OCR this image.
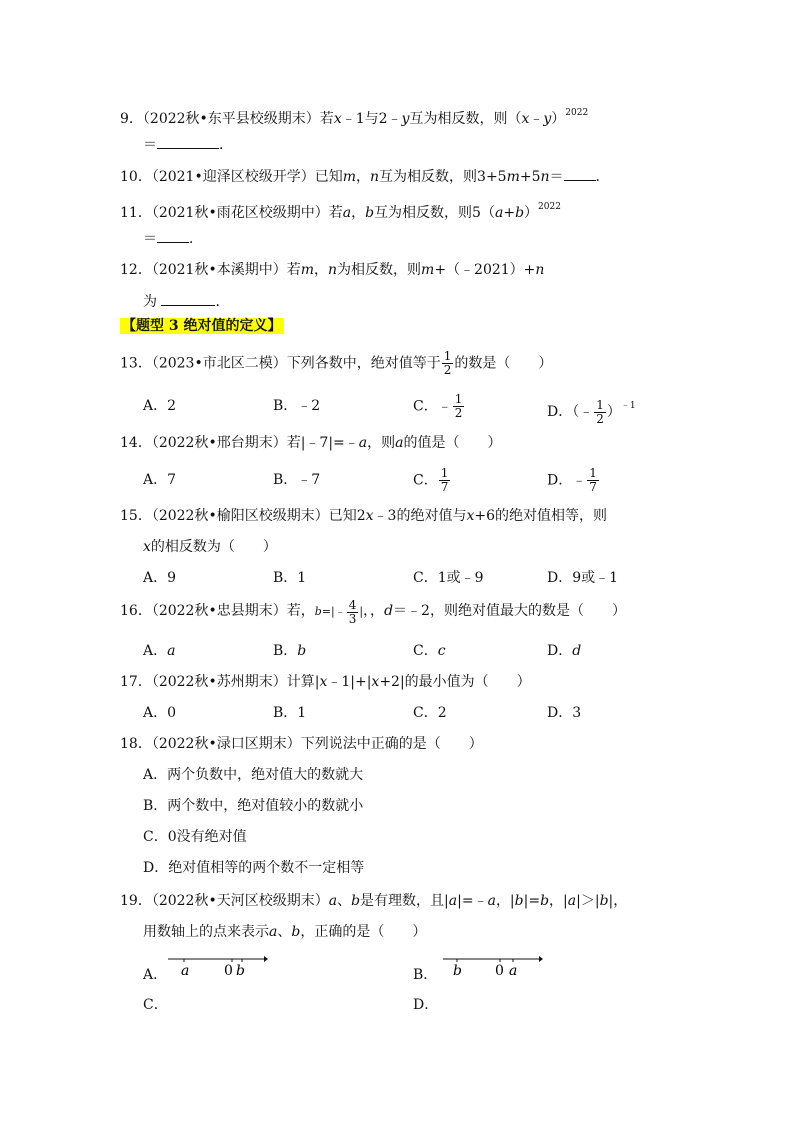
9．（2022秋•东平县校级期末）若x﹣1与2﹣y互为相反数，则（x﹣y）$^{2022}$
＝	．
10．（2021•迎泽区校级开学）已知m，n互为相反数，则3+5m+5n＝ ．
11．（2021秋•雨花区校级期中）若a，b互为相反数，则$5(a+b)^{2022}$
＝ ．
12．（2021秋•本溪期中）若m，n为相反数，则m+（﹣2021）+n
为	．
【题型 3 绝对值的定义】
13．（2023•市北区二模）下列各数中，绝对值等于 $\frac{1}{2}$ 的数是（　　）
A．2	B．﹣2	C．﹣ $\frac{1}{2}$	D．（﹣ $\frac{1}{2} )^{﹣1}$
14．（2022秋•邢台期末）若|﹣7|=﹣a，则a的值是（　　）
A．7	B．﹣7	C． $\frac{1}{7}$	D．﹣ $\frac{1}{7}$
15．（2022秋•榆阳区校级期末）已知2x﹣3的绝对值与x+6的绝对值相等，则
x的相反数为（　　）
A．9	B．1	C．1或﹣9	D．9或﹣1
16．（2022秋•忠县期末）若，b=|﹣ $\frac{4}{3}$ |，，d＝﹣2，则绝对值最大的数是（　　）
A．a	B．b	C．c	D．d
17．（2022秋•苏州期末）计算|x﹣1|+|x+2|的最小值为（　　）
A．0	B．1	C．2	D．3
18．（2022秋•渌口区期末）下列说法中正确的是（　　）
A．两个负数中，绝对值大的数就大
B．两个数中，绝对值较小的数就小
C．0没有绝对值
D．绝对值相等的两个数不一定相等
19．（2022秋•天河区校级期末）a、b是有理数，且|a|=﹣a，|b|=b，|a|＞|b|，
用数轴上的点来表示a、b，正确的是（　　）
A． a 0 b	B． b 0 a
C．	D．
